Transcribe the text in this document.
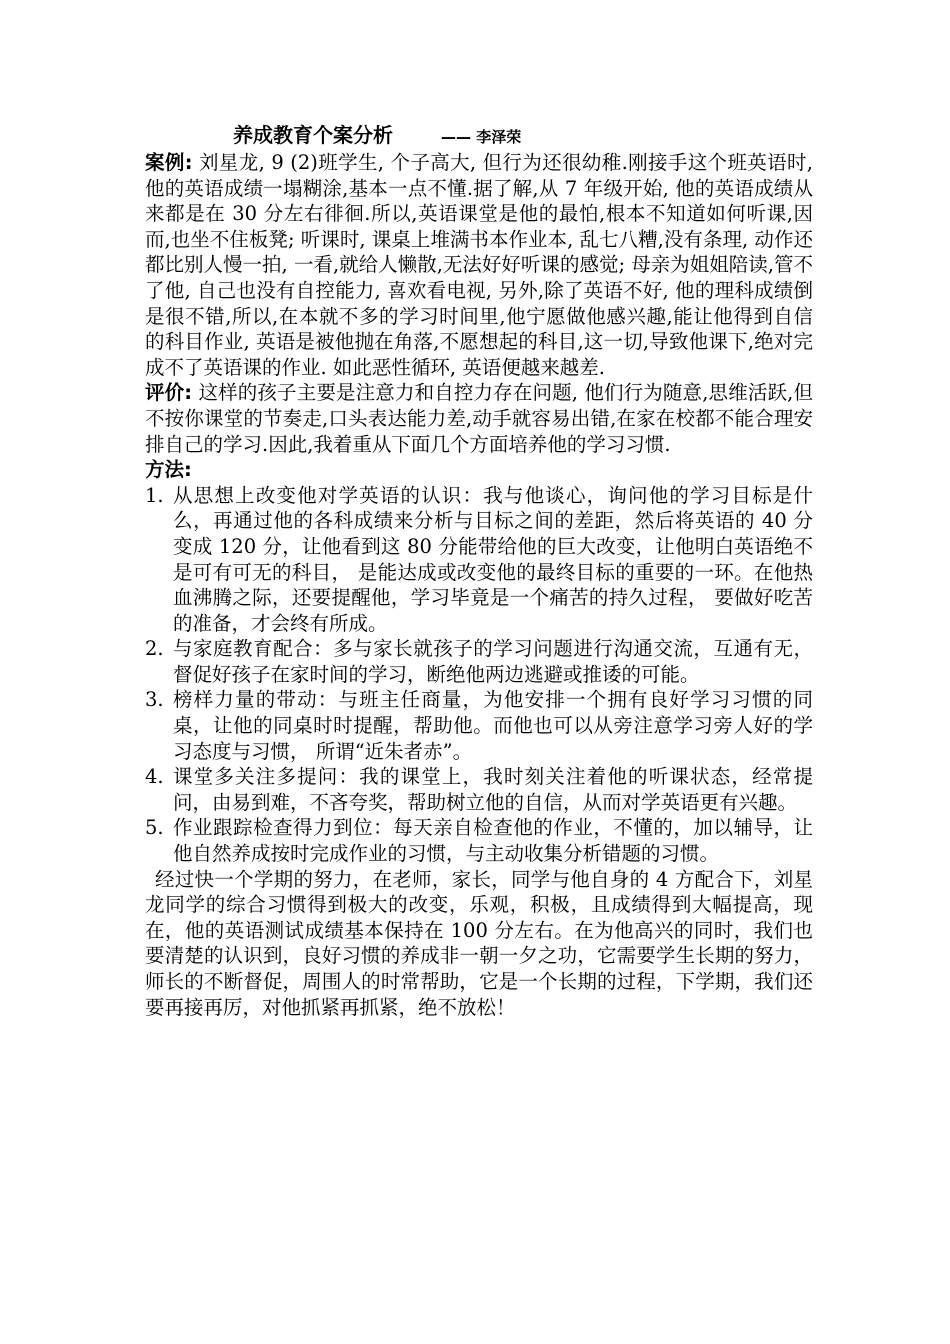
养成教育个案分析	—— 李泽荣

案例: 刘星龙, 9 (2)班学生, 个子高大, 但行为还很幼稚.刚接手这个班英语时, 他的英语成绩一塌糊涂,基本一点不懂.据了解,从 7 年级开始, 他的英语成绩从来都是在 30 分左右徘徊.所以,英语课堂是他的最怕,根本不知道如何听课,因而,也坐不住板凳; 听课时, 课桌上堆满书本作业本, 乱七八糟,没有条理, 动作还都比别人慢一拍, 一看,就给人懒散,无法好好听课的感觉; 母亲为姐姐陪读,管不了他, 自己也没有自控能力, 喜欢看电视, 另外,除了英语不好, 他的理科成绩倒是很不错,所以,在本就不多的学习时间里,他宁愿做他感兴趣,能让他得到自信的科目作业, 英语是被他抛在角落,不愿想起的科目,这一切,导致他课下,绝对完成不了英语课的作业. 如此恶性循环, 英语便越来越差.

评价: 这样的孩子主要是注意力和自控力存在问题, 他们行为随意,思维活跃,但不按你课堂的节奏走,口头表达能力差,动手就容易出错,在家在校都不能合理安排自己的学习.因此,我着重从下面几个方面培养他的学习习惯.

方法:

1. 从思想上改变他对学英语的认识：我与他谈心，询问他的学习目标是什么，再通过他的各科成绩来分析与目标之间的差距，然后将英语的 40 分变成 120 分，让他看到这 80 分能带给他的巨大改变，让他明白英语绝不是可有可无的科目， 是能达成或改变他的最终目标的重要的一环。在他热血沸腾之际，还要提醒他，学习毕竟是一个痛苦的持久过程， 要做好吃苦的准备，才会终有所成。
2. 与家庭教育配合：多与家长就孩子的学习问题进行沟通交流，互通有无，督促好孩子在家时间的学习，断绝他两边逃避或推诿的可能。
3. 榜样力量的带动：与班主任商量，为他安排一个拥有良好学习习惯的同桌，让他的同桌时时提醒，帮助他。而他也可以从旁注意学习旁人好的学习态度与习惯， 所谓“近朱者赤”。
4. 课堂多关注多提问：我的课堂上，我时刻关注着他的听课状态，经常提问，由易到难，不吝夸奖，帮助树立他的自信，从而对学英语更有兴趣。
5. 作业跟踪检查得力到位：每天亲自检查他的作业，不懂的，加以辅导，让他自然养成按时完成作业的习惯，与主动收集分析错题的习惯。

经过快一个学期的努力，在老师，家长，同学与他自身的 4 方配合下，刘星龙同学的综合习惯得到极大的改变，乐观，积极，且成绩得到大幅提高，现在，他的英语测试成绩基本保持在 100 分左右。在为他高兴的同时，我们也要清楚的认识到，良好习惯的养成非一朝一夕之功，它需要学生长期的努力，师长的不断督促，周围人的时常帮助，它是一个长期的过程，下学期，我们还要再接再厉，对他抓紧再抓紧，绝不放松！
